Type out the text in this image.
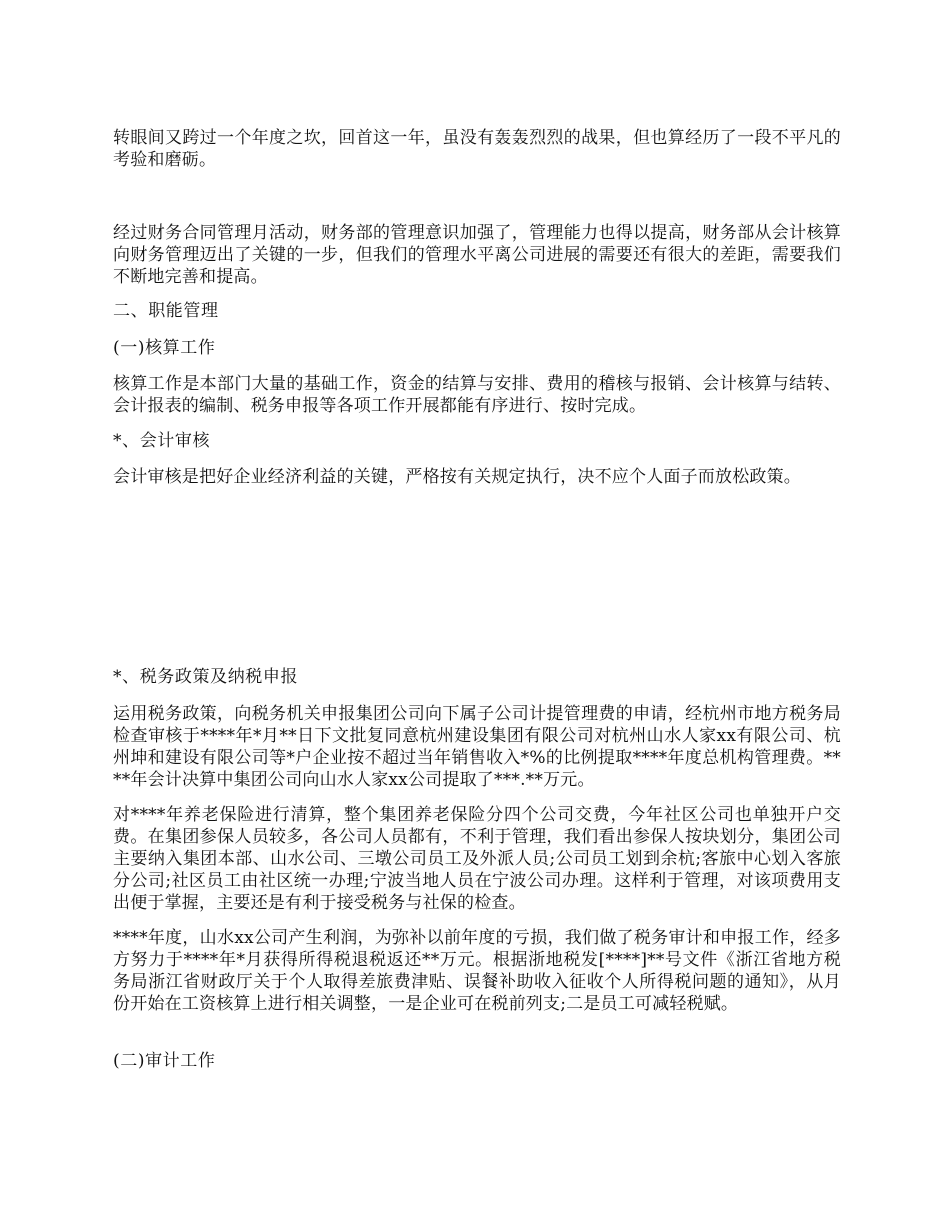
转眼间又跨过一个年度之坎，回首这一年，虽没有轰轰烈烈的战果，但也算经历了一段不平凡的考验和磨砺。

经过财务合同管理月活动，财务部的管理意识加强了，管理能力也得以提高，财务部从会计核算向财务管理迈出了关键的一步，但我们的管理水平离公司进展的需要还有很大的差距，需要我们不断地完善和提高。

二、职能管理

(一)核算工作

核算工作是本部门大量的基础工作，资金的结算与安排、费用的稽核与报销、会计核算与结转、会计报表的编制、税务申报等各项工作开展都能有序进行、按时完成。

*、会计审核

会计审核是把好企业经济利益的关键，严格按有关规定执行，决不应个人面子而放松政策。

*、税务政策及纳税申报

运用税务政策，向税务机关申报集团公司向下属子公司计提管理费的申请，经杭州市地方税务局检查审核于****年*月**日下文批复同意杭州建设集团有限公司对杭州山水人家xx有限公司、杭州坤和建设有限公司等*户企业按不超过当年销售收入*%的比例提取****年度总机构管理费。****年会计决算中集团公司向山水人家xx公司提取了***.**万元。

对****年养老保险进行清算，整个集团养老保险分四个公司交费，今年社区公司也单独开户交费。在集团参保人员较多，各公司人员都有，不利于管理，我们看出参保人按块划分，集团公司主要纳入集团本部、山水公司、三墩公司员工及外派人员;公司员工划到余杭;客旅中心划入客旅分公司;社区员工由社区统一办理;宁波当地人员在宁波公司办理。这样利于管理，对该项费用支出便于掌握，主要还是有利于接受税务与社保的检查。

****年度，山水xx公司产生利润，为弥补以前年度的亏损，我们做了税务审计和申报工作，经多方努力于****年*月获得所得税退税返还**万元。根据浙地税发[****]**号文件《浙江省地方税务局浙江省财政厅关于个人取得差旅费津贴、误餐补助收入征收个人所得税问题的通知》，从月份开始在工资核算上进行相关调整，一是企业可在税前列支;二是员工可减轻税赋。

(二)审计工作
